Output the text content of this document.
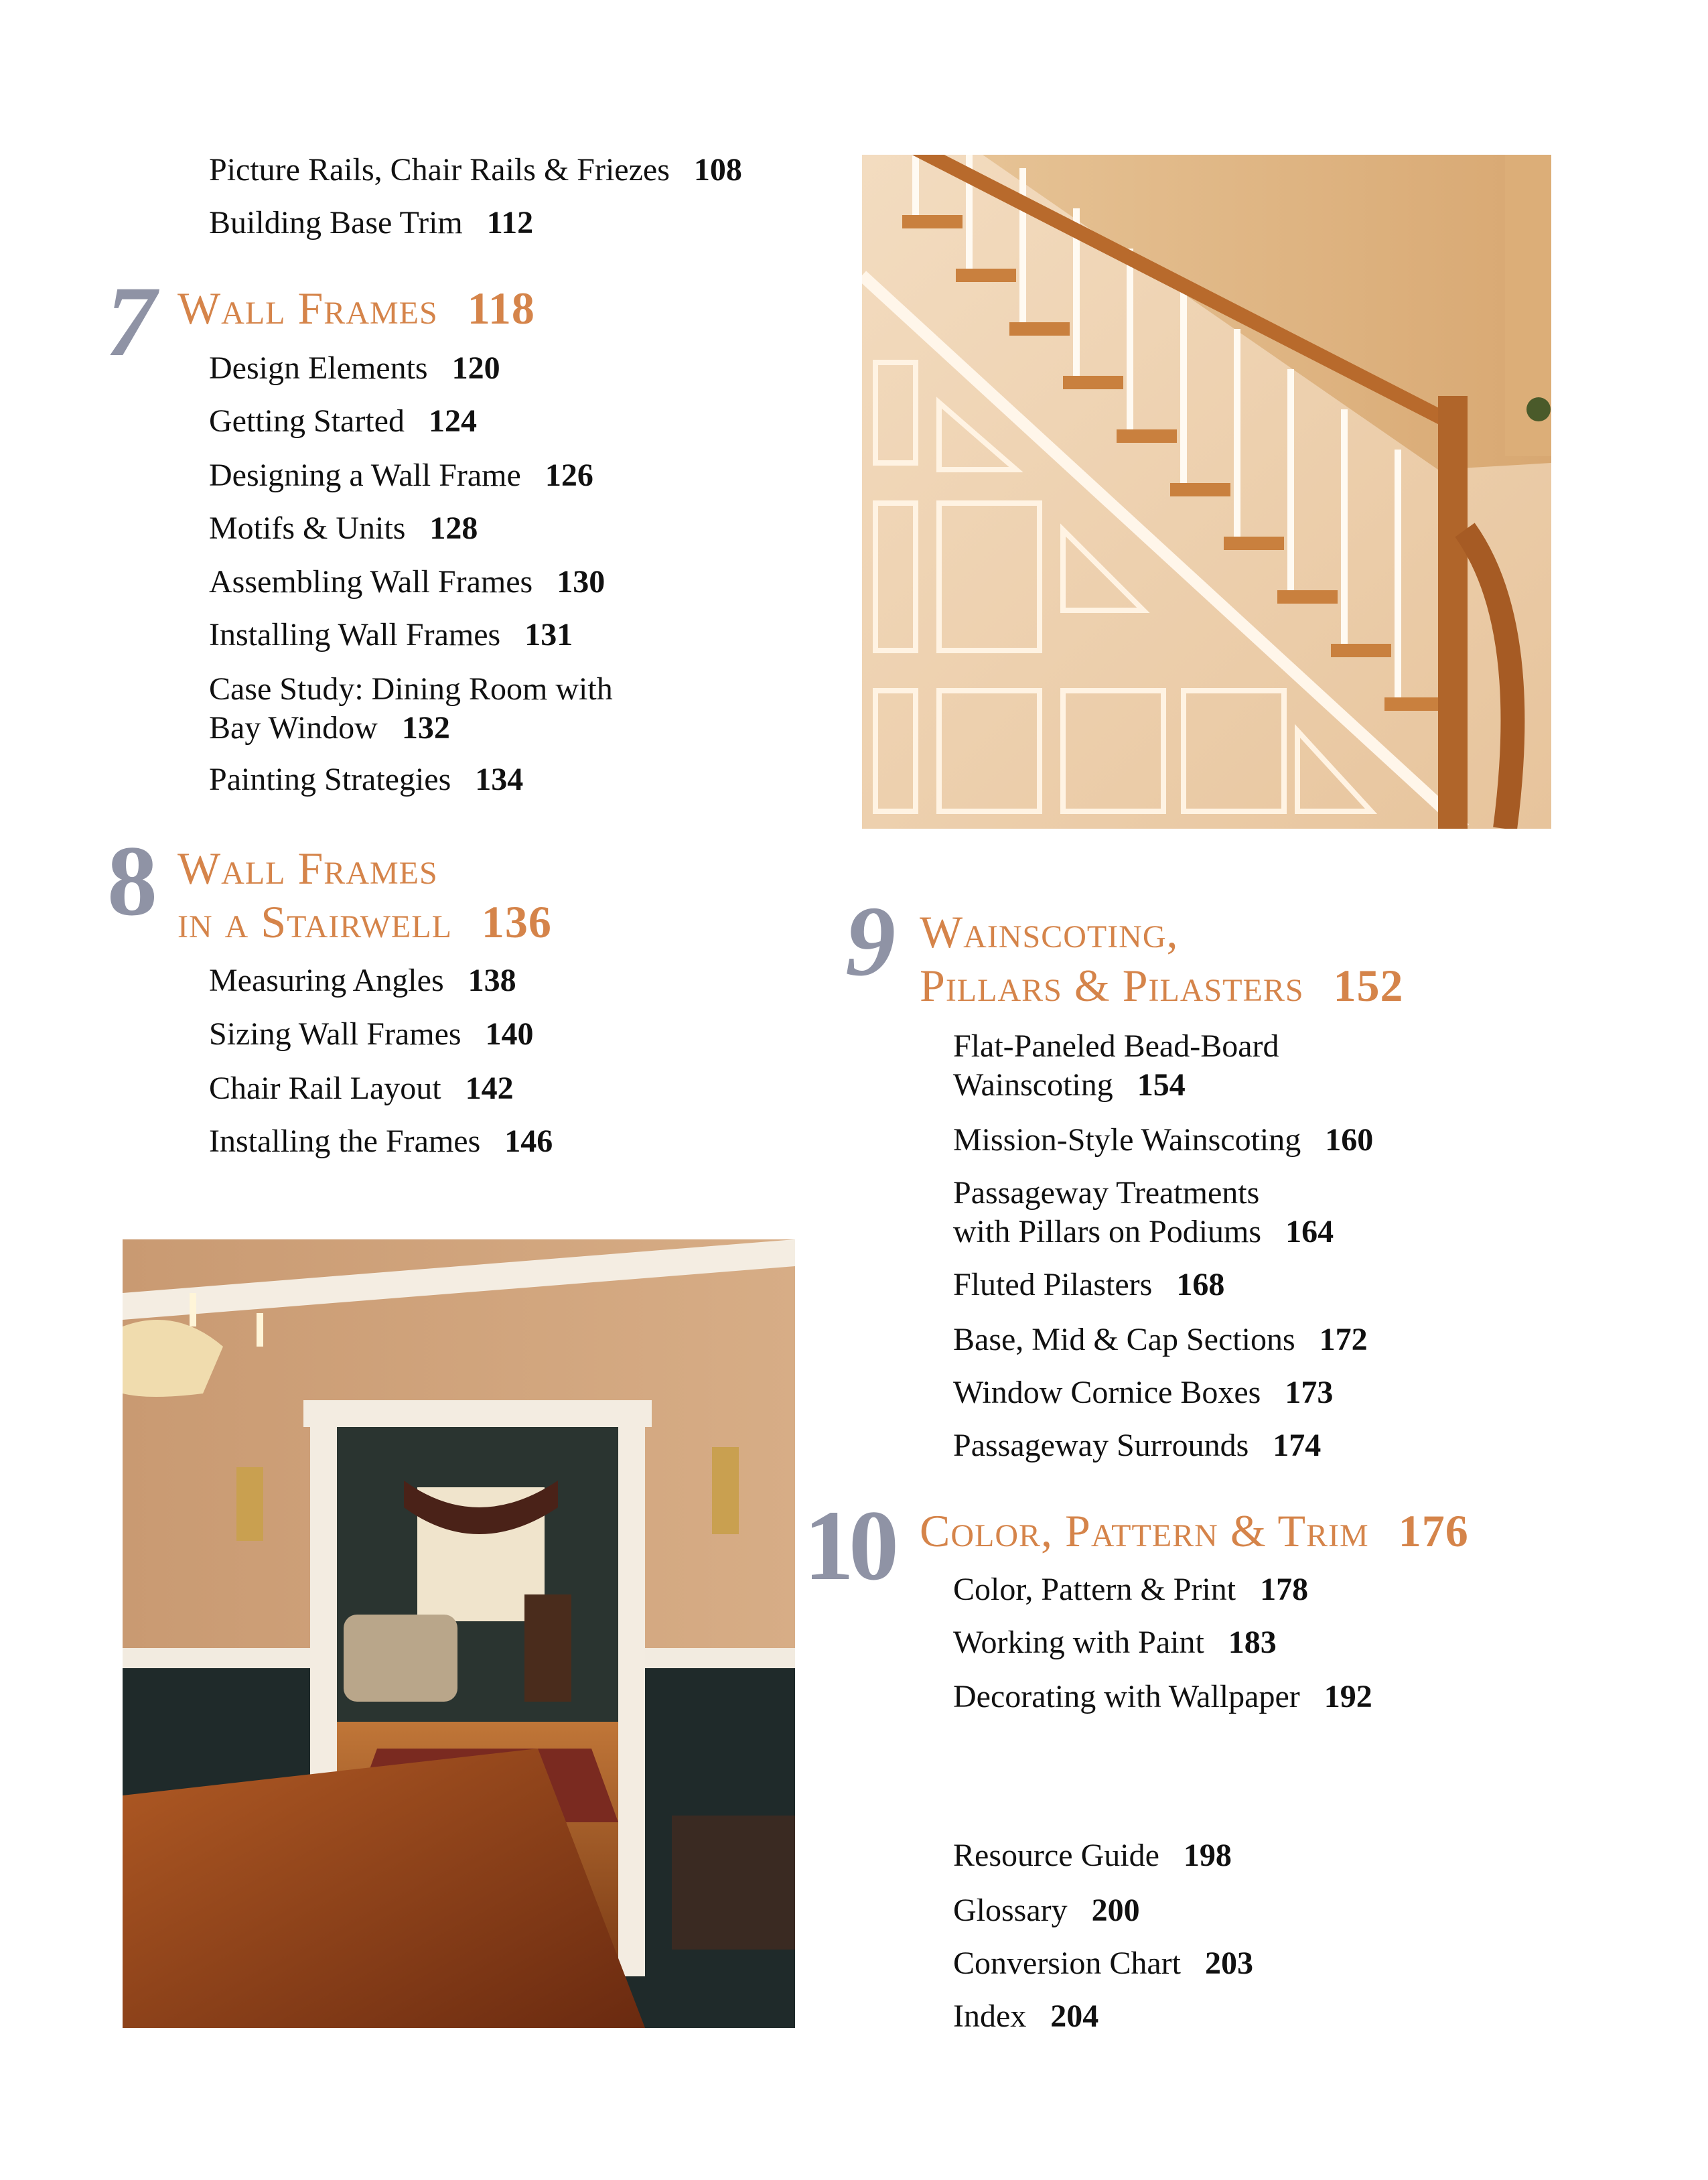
Picture Rails, Chair Rails & Friezes 108
Building Base Trim 112
7 Wall Frames 118
Design Elements 120
Getting Started 124
Designing a Wall Frame 126
Motifs & Units 128
Assembling Wall Frames 130
Installing Wall Frames 131
Case Study: Dining Room with
Bay Window 132
Painting Strategies 134
8 Wall Frames
in a Stairwell 136
Measuring Angles 138
Sizing Wall Frames 140
Chair Rail Layout 142
Installing the Frames 146
9 Wainscoting,
Pillars & Pilasters 152
Flat-Paneled Bead-Board
Wainscoting 154
Mission-Style Wainscoting 160
Passageway Treatments
with Pillars on Podiums 164
Fluted Pilasters 168
Base, Mid & Cap Sections 172
Window Cornice Boxes 173
Passageway Surrounds 174
10 Color, Pattern & Trim 176
Color, Pattern & Print 178
Working with Paint 183
Decorating with Wallpaper 192
Resource Guide 198
Glossary 200
Conversion Chart 203
Index 204
